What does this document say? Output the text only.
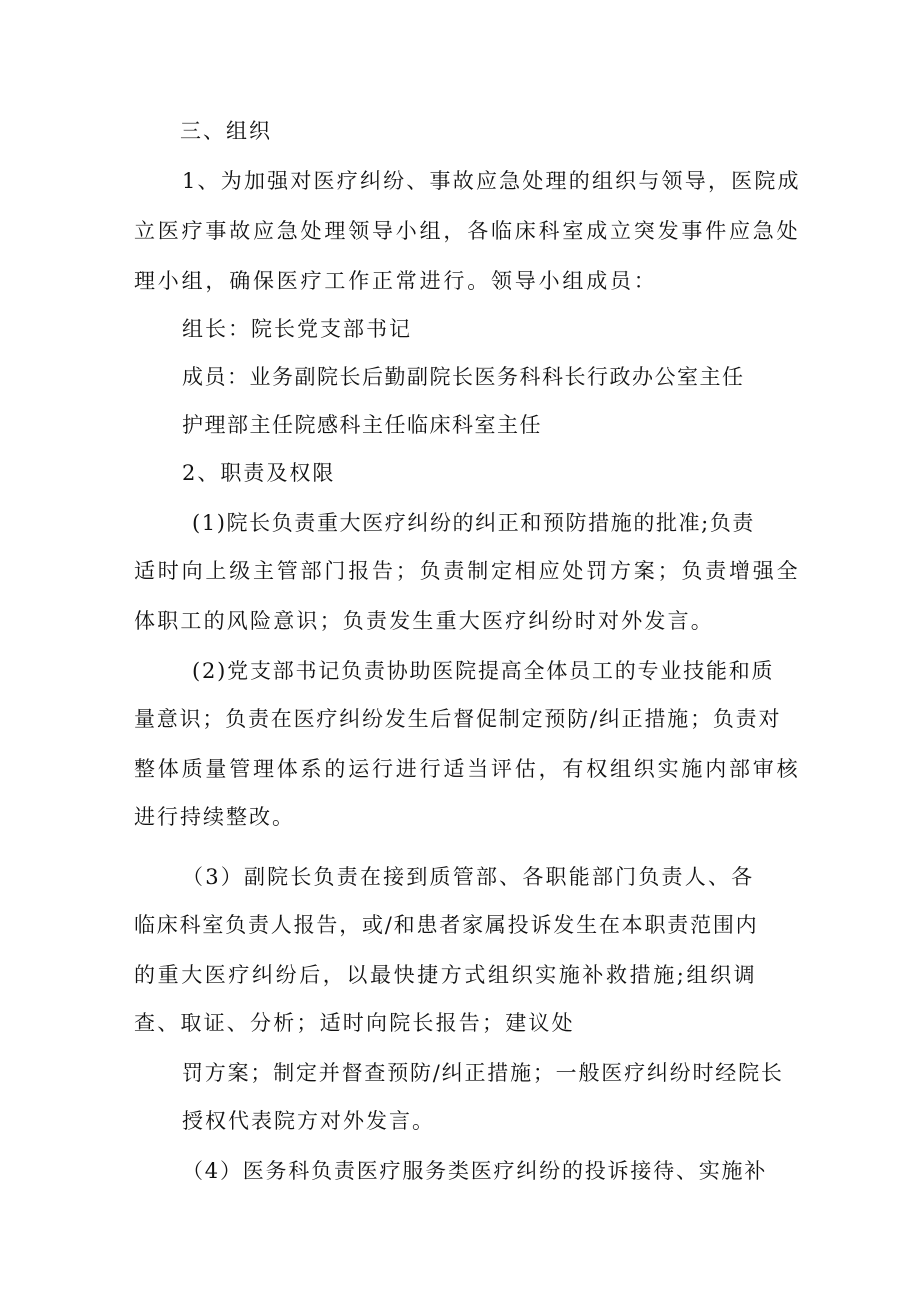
三、组织
1、为加强对医疗纠纷、事故应急处理的组织与领导，医院成
立医疗事故应急处理领导小组，各临床科室成立突发事件应急处
理小组，确保医疗工作正常进行。领导小组成员：
组长：院长党支部书记
成员：业务副院长后勤副院长医务科科长行政办公室主任
护理部主任院感科主任临床科室主任
2、职责及权限
(1)院长负责重大医疗纠纷的纠正和预防措施的批准;负责
适时向上级主管部门报告；负责制定相应处罚方案；负责增强全
体职工的风险意识；负责发生重大医疗纠纷时对外发言。
(2)党支部书记负责协助医院提高全体员工的专业技能和质
量意识；负责在医疗纠纷发生后督促制定预防/纠正措施；负责对
整体质量管理体系的运行进行适当评估，有权组织实施内部审核
进行持续整改。
（3）副院长负责在接到质管部、各职能部门负责人、各
临床科室负责人报告，或/和患者家属投诉发生在本职责范围内
的重大医疗纠纷后，以最快捷方式组织实施补救措施;组织调
查、取证、分析；适时向院长报告；建议处
罚方案；制定并督查预防/纠正措施；一般医疗纠纷时经院长
授权代表院方对外发言。
（4）医务科负责医疗服务类医疗纠纷的投诉接待、实施补
